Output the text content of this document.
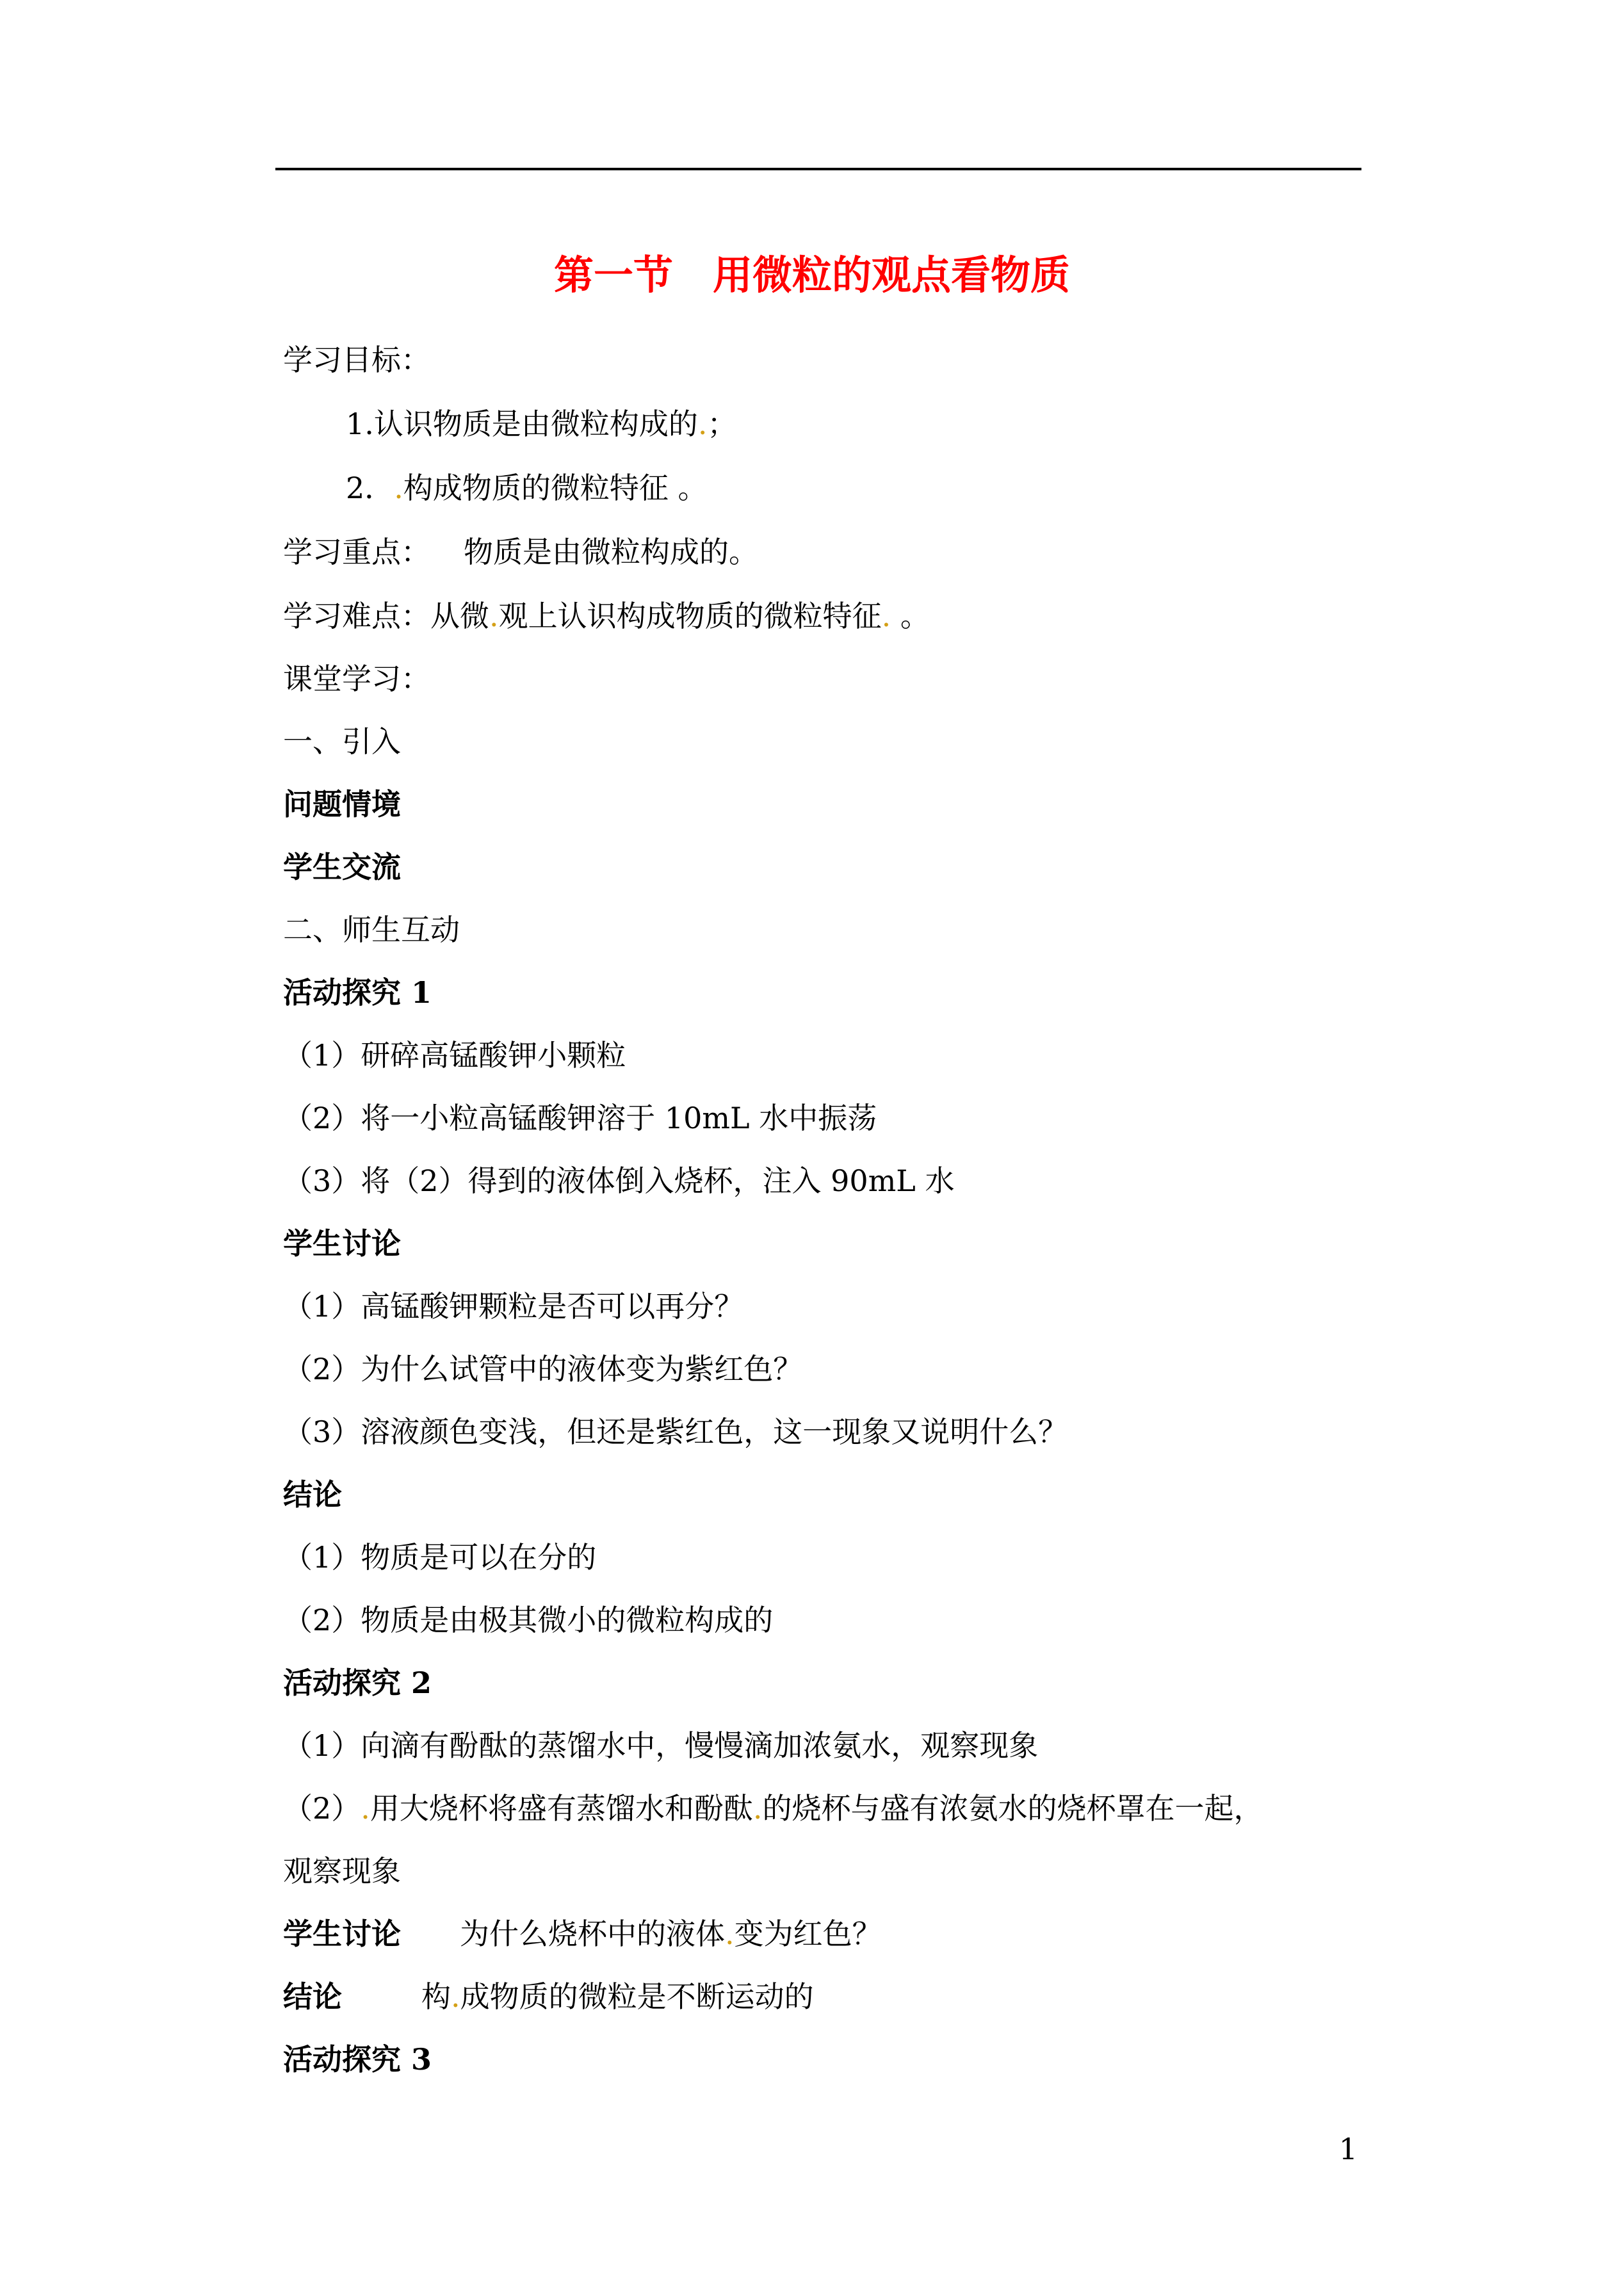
第一节　用微粒的观点看物质
学习目标：
1.认识物质是由微粒构成的.；
2．.构成物质的微粒特征 。
学习重点： 物质是由微粒构成的。
学习难点：从微.观上认识构成物质的微粒特征. 。
课堂学习：
一、引入
问题情境
学生交流
二、师生互动
活动探究 1
（1）研碎高锰酸钾小颗粒
（2）将一小粒高锰酸钾溶于 10mL 水中振荡
（3）将（2）得到的液体倒入烧杯，注入 90mL 水
学生讨论
（1）高锰酸钾颗粒是否可以再分？
（2）为什么试管中的液体变为紫红色？
（3）溶液颜色变浅，但还是紫红色，这一现象又说明什么？
结论
（1）物质是可以在分的
（2）物质是由极其微小的微粒构成的
活动探究 2
（1）向滴有酚酞的蒸馏水中，慢慢滴加浓氨水，观察现象
（2）.用大烧杯将盛有蒸馏水和酚酞.的烧杯与盛有浓氨水的烧杯罩在一起，
观察现象
学生讨论 为什么烧杯中的液体.变为红色？
结论	构.成物质的微粒是不断运动的
活动探究 3
1
